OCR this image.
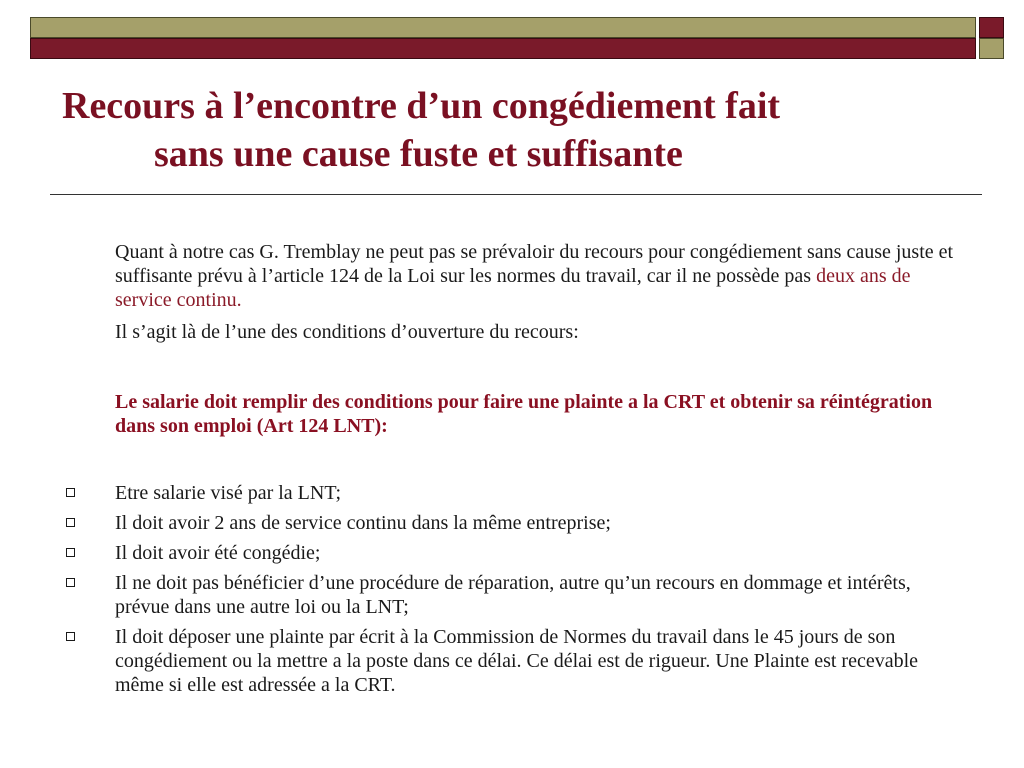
Recours à l’encontre d’un congédiement fait
sans une cause fuste et suffisante

Quant à notre cas G. Tremblay ne peut pas se prévaloir du recours pour congédiement sans cause juste et suffisante prévu à l’article 124 de la Loi sur les normes du travail, car il ne possède pas deux ans de service continu.

Il s’agit là de l’une des conditions d’ouverture du recours:

Le salarie doit remplir des conditions pour faire une plainte a la CRT et obtenir sa réintégration dans son emploi (Art 124 LNT):

Etre salarie visé par la LNT;
Il doit avoir 2 ans de service continu dans la même entreprise;
Il doit avoir été congédie;
Il ne doit pas bénéficier d’une procédure de réparation, autre qu’un recours en dommage et intérêts, prévue dans une autre loi ou la LNT;
Il doit déposer une plainte par écrit à la Commission de Normes du travail dans le 45 jours de son congédiement ou la mettre a la poste dans ce délai. Ce délai est de rigueur. Une Plainte est recevable même si elle est adressée a la CRT.
